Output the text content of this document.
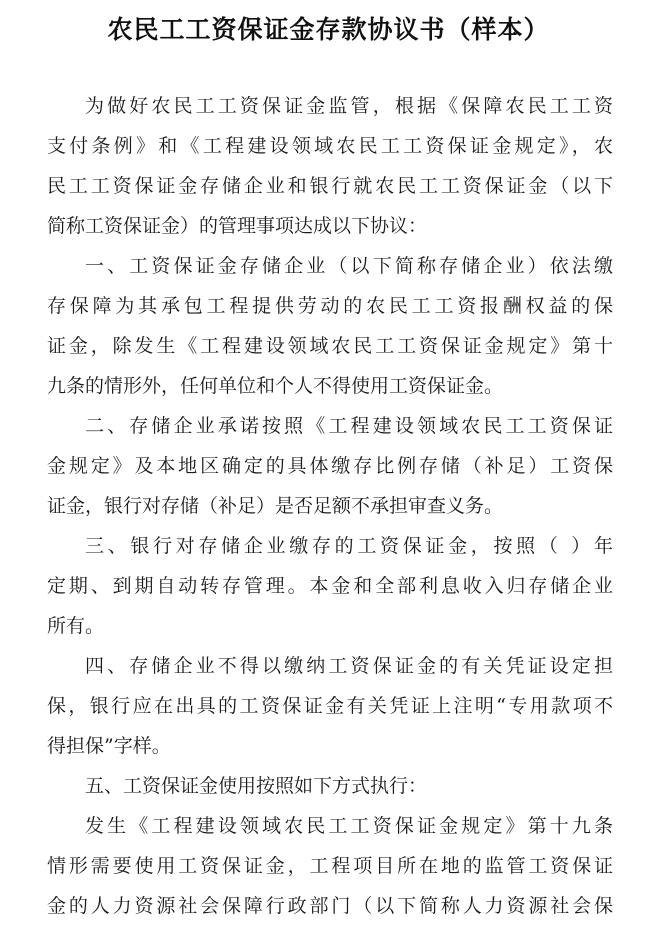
农民工工资保证金存款协议书（样本）
为做好农民工工资保证金监管，根据《保障农民工工资
支付条例》和《工程建设领域农民工工资保证金规定》，农
民工工资保证金存储企业和银行就农民工工资保证金（以下
简称工资保证金）的管理事项达成以下协议：
一、工资保证金存储企业（以下简称存储企业）依法缴
存保障为其承包工程提供劳动的农民工工资报酬权益的保
证金，除发生《工程建设领域农民工工资保证金规定》第十
九条的情形外，任何单位和个人不得使用工资保证金。
二、存储企业承诺按照《工程建设领域农民工工资保证
金规定》及本地区确定的具体缴存比例存储（补足）工资保
证金，银行对存储（补足）是否足额不承担审查义务。
三、银行对存储企业缴存的工资保证金，按照（ ）年
定期、到期自动转存管理。本金和全部利息收入归存储企业
所有。
四、存储企业不得以缴纳工资保证金的有关凭证设定担
保，银行应在出具的工资保证金有关凭证上注明“专用款项不
得担保”字样。
五、工资保证金使用按照如下方式执行：
发生《工程建设领域农民工工资保证金规定》第十九条
情形需要使用工资保证金，工程项目所在地的监管工资保证
金的人力资源社会保障行政部门（以下简称人力资源社会保
